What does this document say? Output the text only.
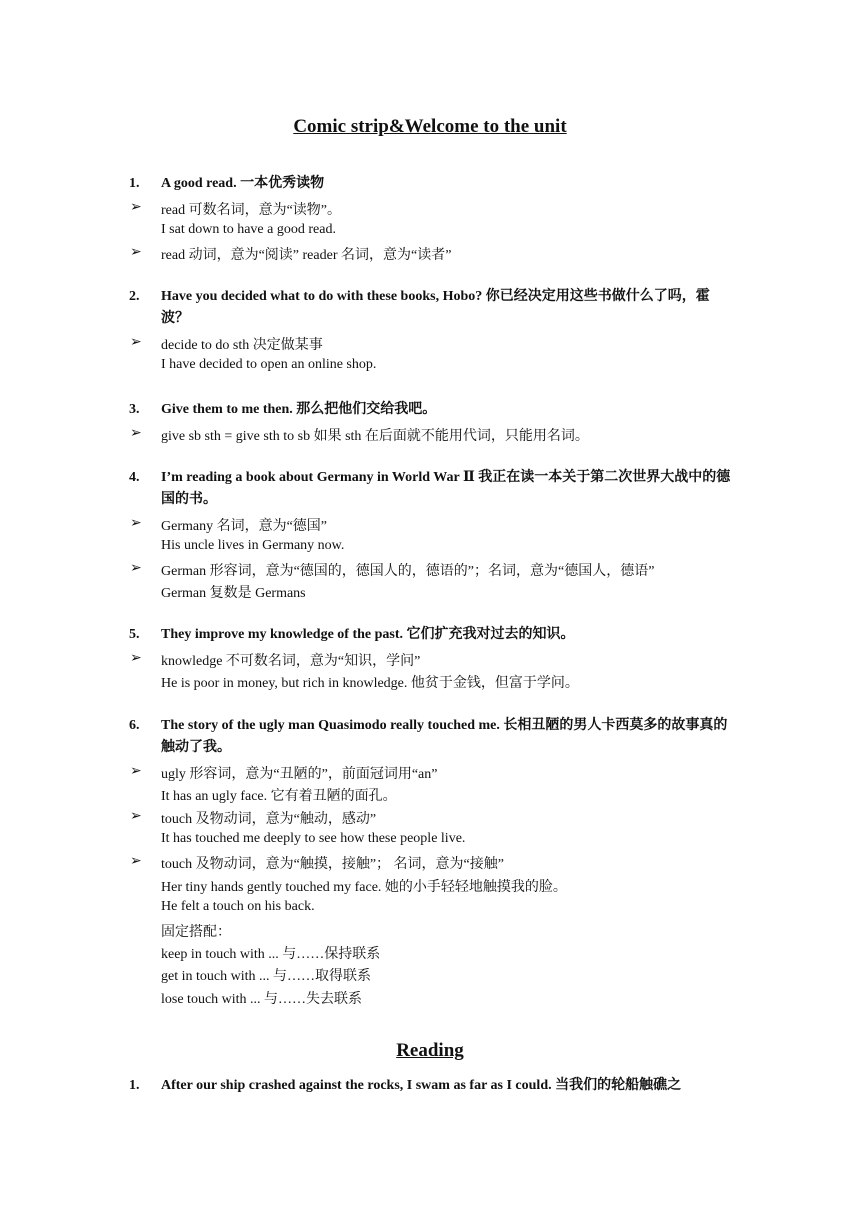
Comic strip&Welcome to the unit
1. A good read. 一本优秀读物
➢ read 可数名词，意为“读物”。
I sat down to have a good read.
➢ read 动词，意为“阅读” reader 名词，意为“读者”
2. Have you decided what to do with these books, Hobo? 你已经决定用这些书做什么了吗，霍波？
➢ decide to do sth 决定做某事
I have decided to open an online shop.
3. Give them to me then. 那么把他们交给我吧。
➢ give sb sth = give sth to sb 如果 sth 在后面就不能用代词，只能用名词。
4. I’m reading a book about Germany in World War Ⅱ 我正在读一本关于第二次世界大战中的德国的书。
➢ Germany 名词，意为“德国”
His uncle lives in Germany now.
➢ German 形容词，意为“德国的，德国人的，德语的”；名词，意为“德国人，德语”
German 复数是 Germans
5. They improve my knowledge of the past. 它们扩充我对过去的知识。
➢ knowledge 不可数名词，意为“知识，学问”
He is poor in money, but rich in knowledge. 他贫于金钱，但富于学问。
6. The story of the ugly man Quasimodo really touched me. 长相丑陋的男人卡西莫多的故事真的触动了我。
➢ ugly 形容词，意为“丑陋的”，前面冠词用“an”
It has an ugly face. 它有着丑陋的面孔。
➢ touch 及物动词，意为“触动，感动”
It has touched me deeply to see how these people live.
➢ touch 及物动词，意为“触摸，接触”； 名词，意为“接触”
Her tiny hands gently touched my face. 她的小手轻轻地触摸我的脸。
He felt a touch on his back.
固定搭配：
keep in touch with ... 与……保持联系
get in touch with ... 与……取得联系
lose touch with ... 与……失去联系
Reading
1. After our ship crashed against the rocks, I swam as far as I could. 当我们的轮船触礁之
